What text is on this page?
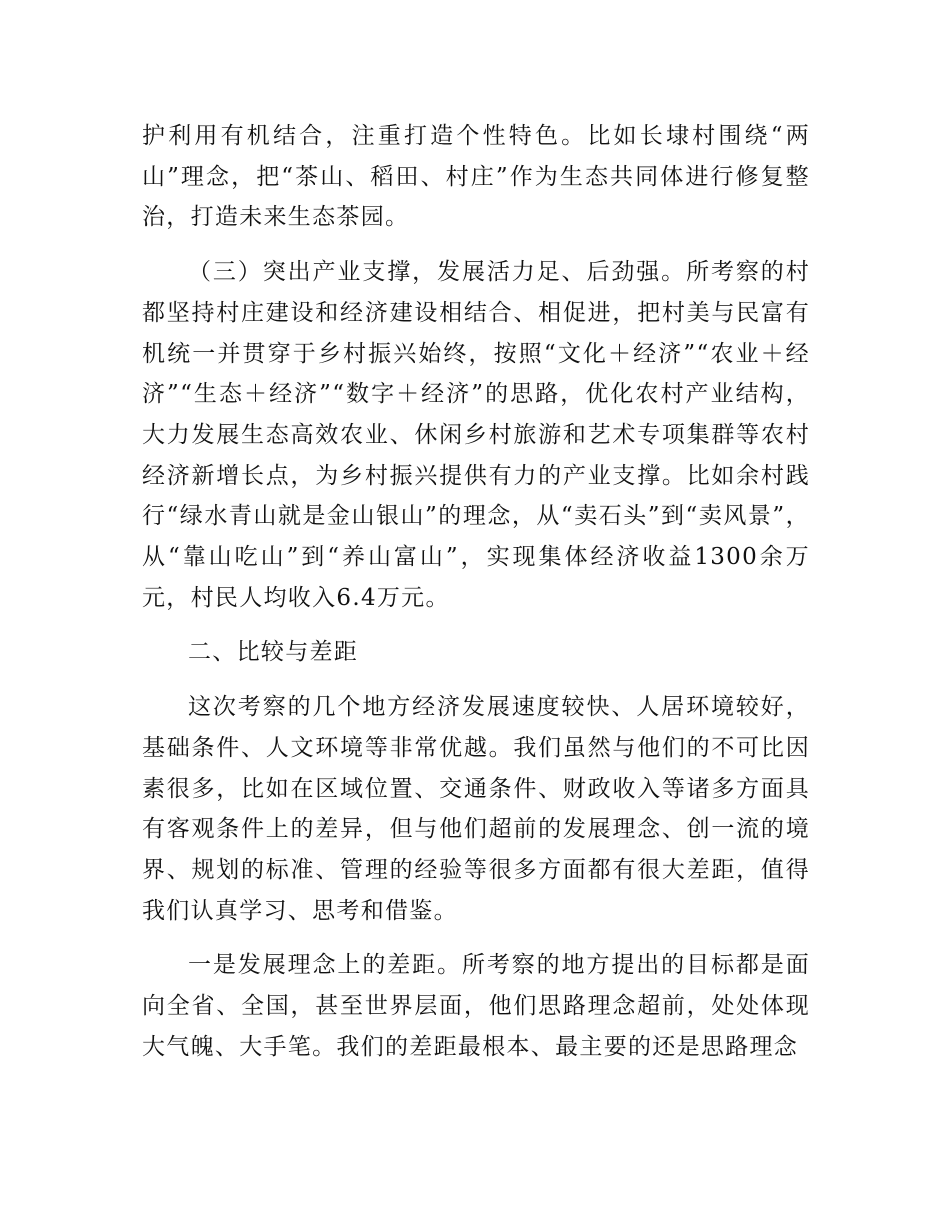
护利用有机结合，注重打造个性特色。比如长埭村围绕“两山”理念，把“茶山、稻田、村庄”作为生态共同体进行修复整治，打造未来生态茶园。

（三）突出产业支撑，发展活力足、后劲强。所考察的村都坚持村庄建设和经济建设相结合、相促进，把村美与民富有机统一并贯穿于乡村振兴始终，按照“文化＋经济”“农业＋经济”“生态＋经济”“数字＋经济”的思路，优化农村产业结构，大力发展生态高效农业、休闲乡村旅游和艺术专项集群等农村经济新增长点，为乡村振兴提供有力的产业支撑。比如余村践行“绿水青山就是金山银山”的理念，从“卖石头”到“卖风景”，从“靠山吃山”到“养山富山”，实现集体经济收益1300余万元，村民人均收入6.4万元。

二、比较与差距

这次考察的几个地方经济发展速度较快、人居环境较好，基础条件、人文环境等非常优越。我们虽然与他们的不可比因素很多，比如在区域位置、交通条件、财政收入等诸多方面具有客观条件上的差异，但与他们超前的发展理念、创一流的境界、规划的标准、管理的经验等很多方面都有很大差距，值得我们认真学习、思考和借鉴。

一是发展理念上的差距。所考察的地方提出的目标都是面向全省、全国，甚至世界层面，他们思路理念超前，处处体现大气魄、大手笔。我们的差距最根本、最主要的还是思路理念
